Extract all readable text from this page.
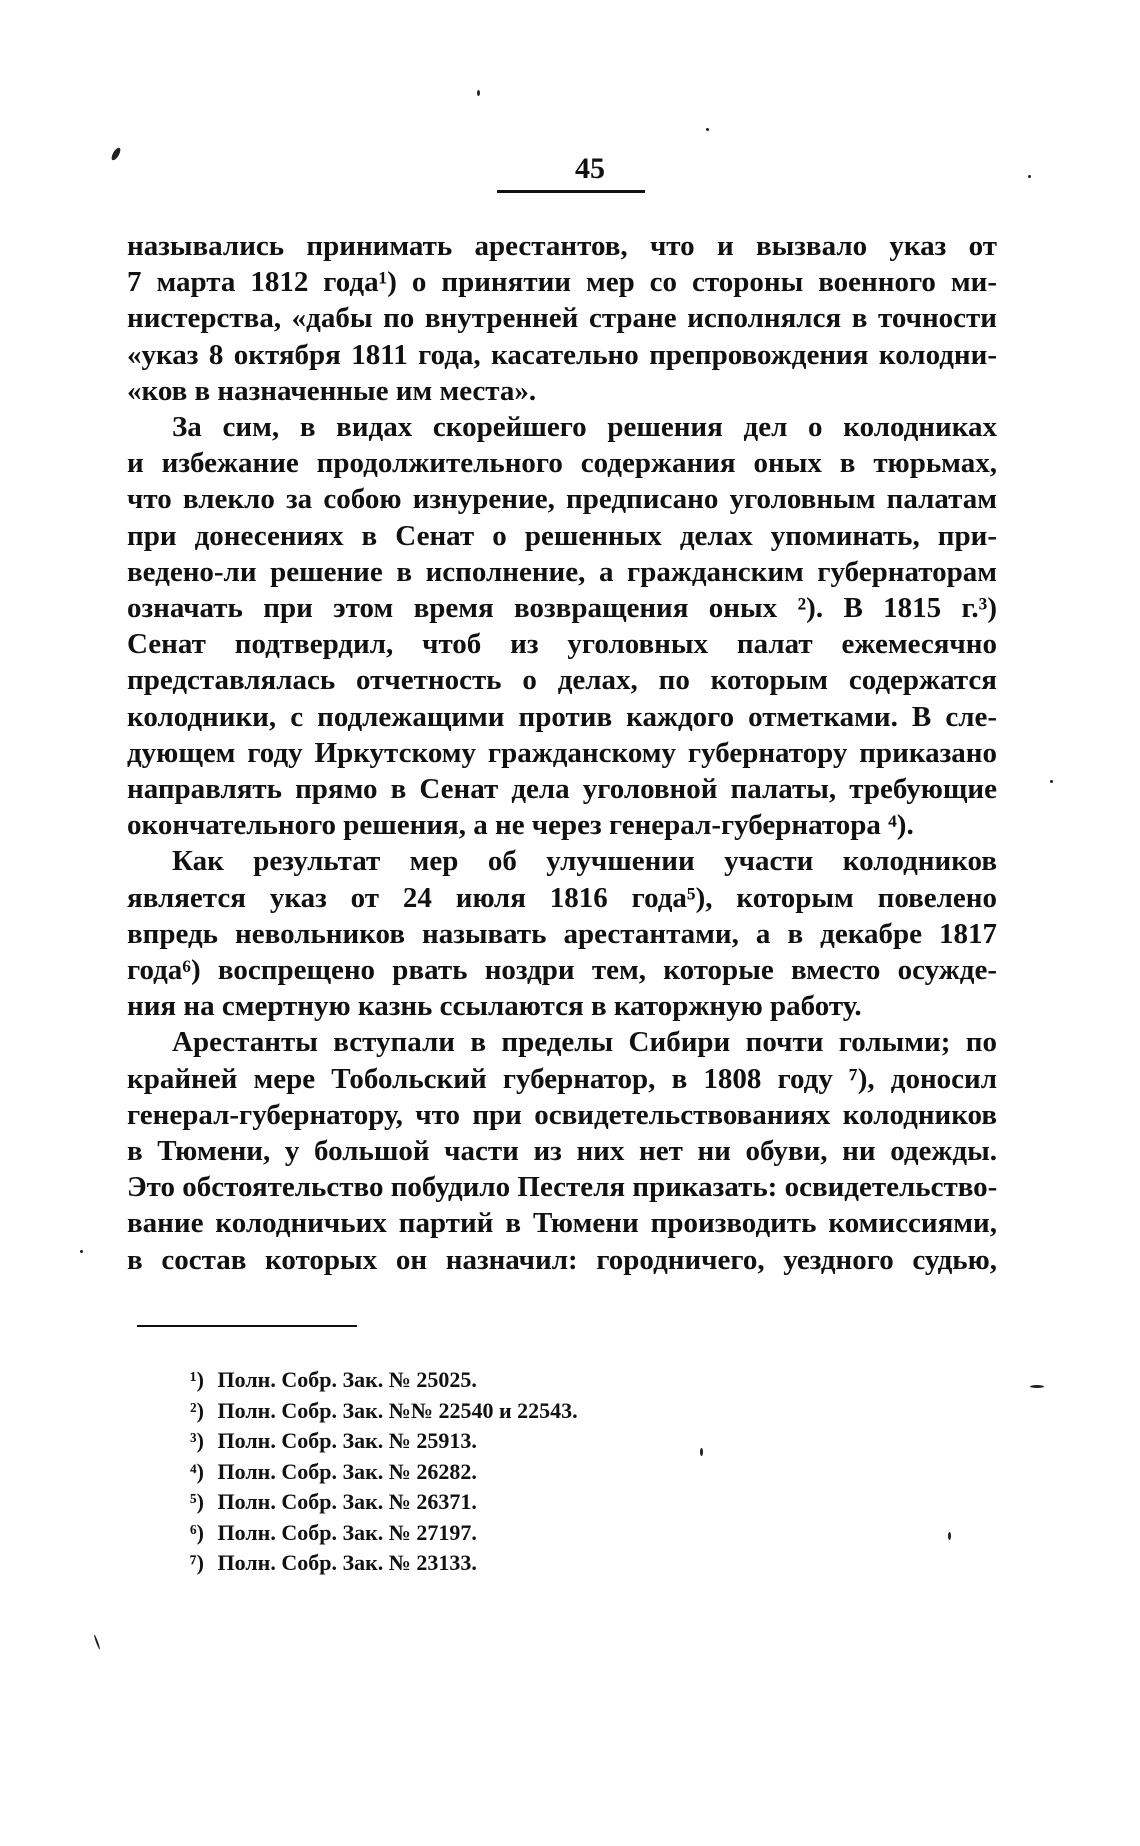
45
назывались принимать арестантов, что и вызвало указ от
7 марта 1812 года¹) о принятии мер со стороны военного ми-
нистерства, «дабы по внутренней стране исполнялся в точности
«указ 8 октября 1811 года, касательно препровождения колодни-
«ков в назначенные им места».
За сим, в видах скорейшего решения дел о колодниках
и избежание продолжительного содержания оных в тюрьмах,
что влекло за собою изнурение, предписано уголовным палатам
при донесениях в Сенат о решенных делах упоминать, при-
ведено-ли решение в исполнение, а гражданским губернаторам
означать при этом время возвращения оных ²). В 1815 г.³)
Сенат подтвердил, чтоб из уголовных палат ежемесячно
представлялась отчетность о делах, по которым содержатся
колодники, с подлежащими против каждого отметками. В сле-
дующем году Иркутскому гражданскому губернатору приказано
направлять прямо в Сенат дела уголовной палаты, требующие
окончательного решения, а не через генерал-губернатора ⁴).
Как результат мер об улучшении участи колодников
является указ от 24 июля 1816 года⁵), которым повелено
впредь невольников называть арестантами, а в декабре 1817
года⁶) воспрещено рвать ноздри тем, которые вместо осужде-
ния на смертную казнь ссылаются в каторжную работу.
Арестанты вступали в пределы Сибири почти голыми; по
крайней мере Тобольский губернатор, в 1808 году ⁷), доносил
генерал-губернатору, что при освидетельствованиях колодников
в Тюмени, у большой части из них нет ни обуви, ни одежды.
Это обстоятельство побудило Пестеля приказать: освидетельство-
вание колодничьих партий в Тюмени производить комиссиями,
в состав которых он назначил: городничего, уездного судью,
¹) Полн. Собр. Зак. № 25025.
²) Полн. Собр. Зак. №№ 22540 и 22543.
³) Полн. Собр. Зак. № 25913.
⁴) Полн. Собр. Зак. № 26282.
⁵) Полн. Собр. Зак. № 26371.
⁶) Полн. Собр. Зак. № 27197.
⁷) Полн. Собр. Зак. № 23133.
